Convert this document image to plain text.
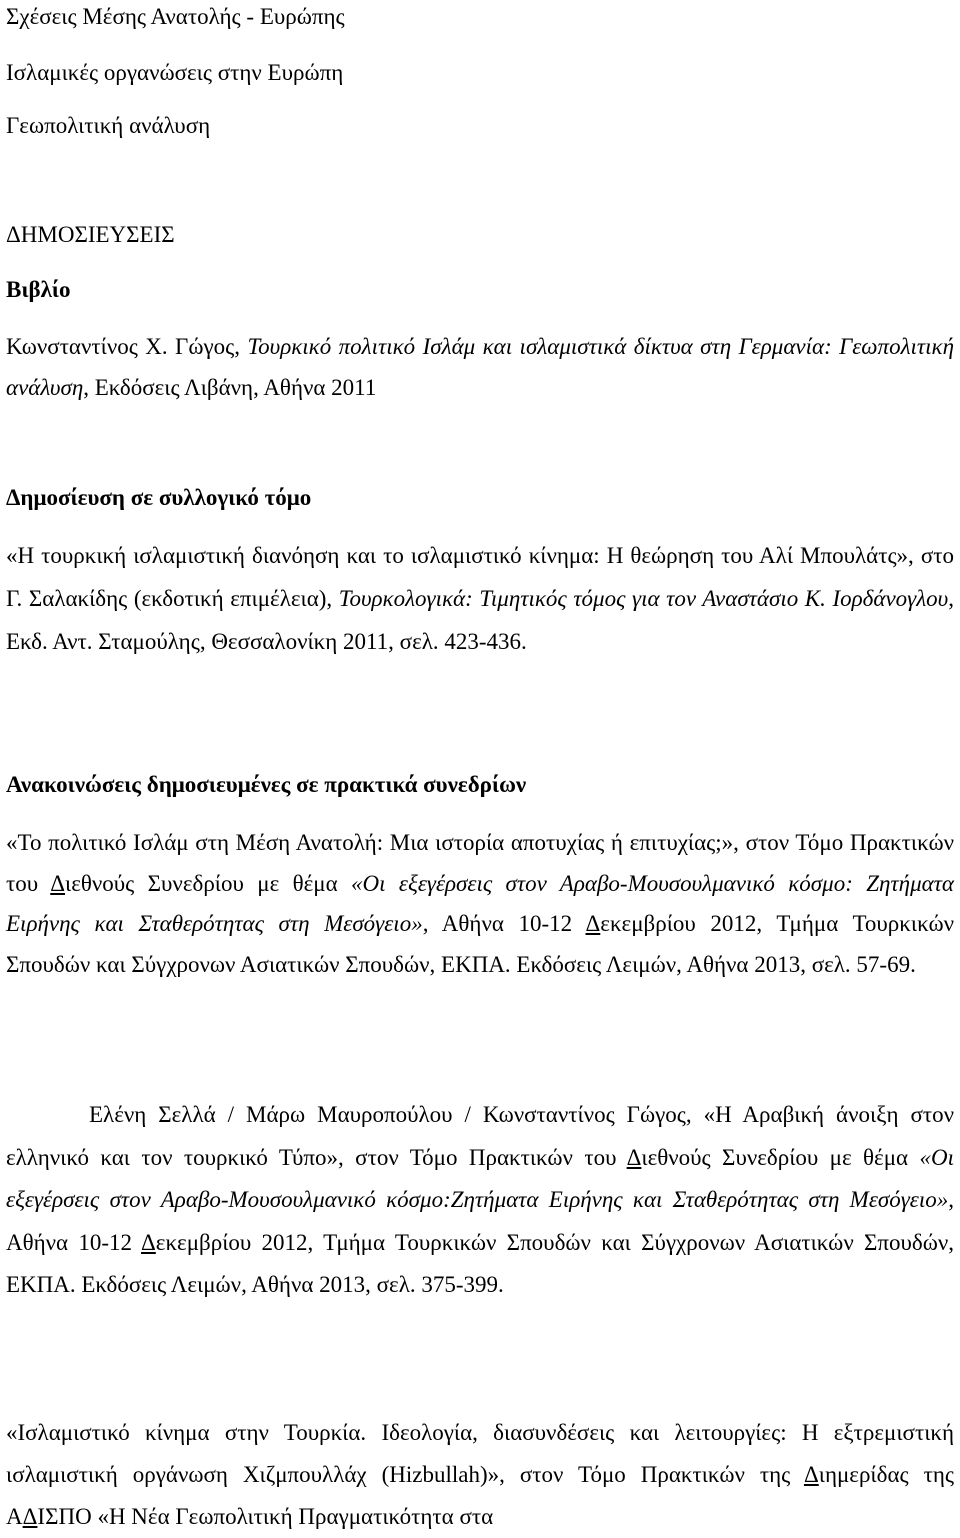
Σχέσεις Μέσης Ανατολής - Ευρώπης
Ισλαμικές οργανώσεις στην Ευρώπη
Γεωπολιτική ανάλυση
ΔΗΜΟΣΙΕΥΣΕΙΣ
Βιβλίο

Κωνσταντίνος Χ. Γώγος, Τουρκικό πολιτικό Ισλάμ και ισλαμιστικά δίκτυα στη Γερμανία: Γεωπολιτική ανάλυση, Εκδόσεις Λιβάνη, Αθήνα 2011

Δημοσίευση σε συλλογικό τόμο

«Η τουρκική ισλαμιστική διανόηση και το ισλαμιστικό κίνημα: Η θεώρηση του Αλί Μπουλάτς», στο Γ. Σαλακίδης (εκδοτική επιμέλεια), Τουρκολογικά: Τιμητικός τόμος για τον Αναστάσιο Κ. Ιορδάνογλου, Εκδ. Αντ. Σταμούλης, Θεσσαλονίκη 2011, σελ. 423-436.

Ανακοινώσεις δημοσιευμένες σε πρακτικά συνεδρίων

«Το πολιτικό Ισλάμ στη Μέση Ανατολή: Μια ιστορία αποτυχίας ή επιτυχίας;», στον Τόμο Πρακτικών του Διεθνούς Συνεδρίου με θέμα «Οι εξεγέρσεις στον Αραβο-Μουσουλμανικό κόσμο: Ζητήματα Ειρήνης και Σταθερότητας στη Μεσόγειο», Αθήνα 10-12 Δεκεμβρίου 2012, Τμήμα Τουρκικών Σπουδών και Σύγχρονων Ασιατικών Σπουδών, ΕΚΠΑ. Εκδόσεις Λειμών, Αθήνα 2013, σελ. 57-69.

Ελένη Σελλά / Μάρω Μαυροπούλου / Κωνσταντίνος Γώγος, «Η Αραβική άνοιξη στον ελληνικό και τον τουρκικό Τύπο», στον Τόμο Πρακτικών του Διεθνούς Συνεδρίου με θέμα «Οι εξεγέρσεις στον Αραβο-Μουσουλμανικό κόσμο:Ζητήματα Ειρήνης και Σταθερότητας στη Μεσόγειο», Αθήνα 10-12 Δεκεμβρίου 2012, Τμήμα Τουρκικών Σπουδών και Σύγχρονων Ασιατικών Σπουδών, ΕΚΠΑ. Εκδόσεις Λειμών, Αθήνα 2013, σελ. 375-399.

«Ισλαμιστικό κίνημα στην Τουρκία. Ιδεολογία, διασυνδέσεις και λειτουργίες: Η εξτρεμιστική ισλαμιστική οργάνωση Χιζμπουλλάχ (Hizbullah)», στον Τόμο Πρακτικών της Διημερίδας της ΑΔΙΣΠΟ «Η Νέα Γεωπολιτική Πραγματικότητα στα
